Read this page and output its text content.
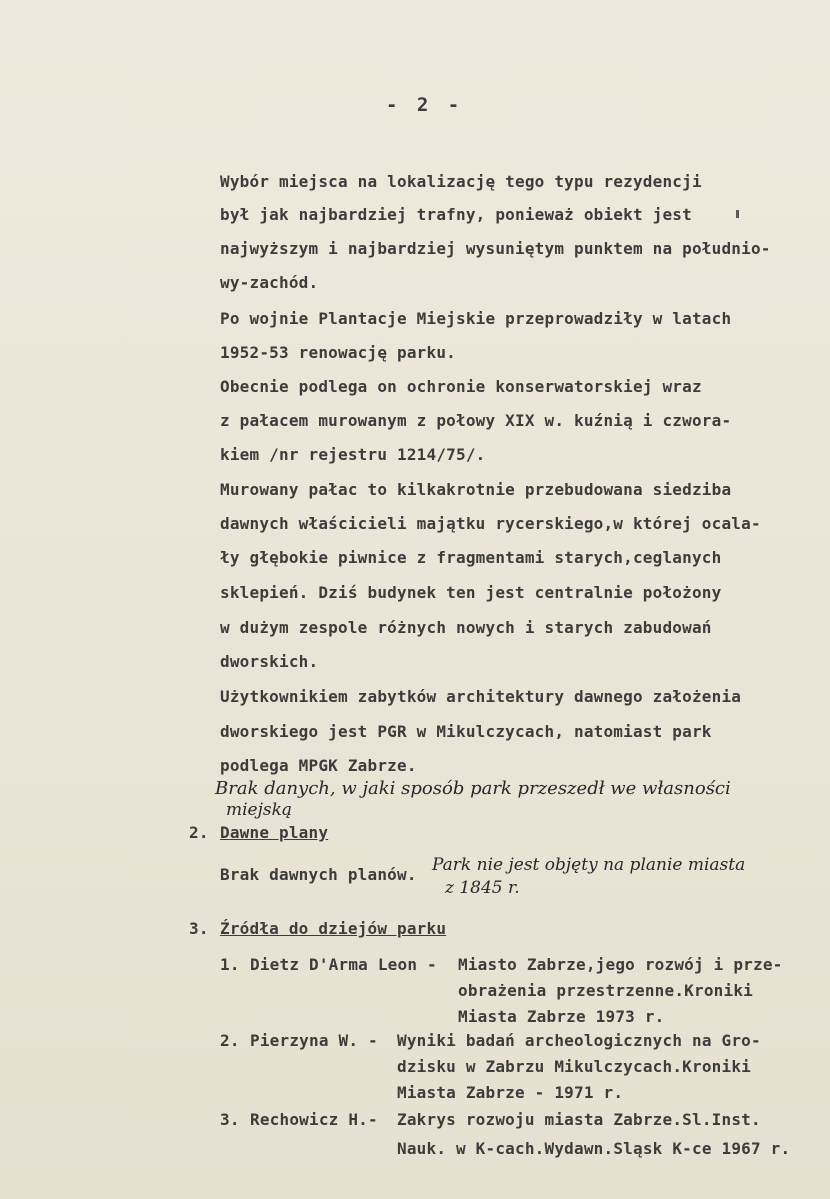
- 2 -
Wybór miejsca na lokalizację tego typu rezydencji
był jak najbardziej trafny, ponieważ obiekt jest
najwyższym i najbardziej wysuniętym punktem na południo-
wy-zachód.
Po wojnie Plantacje Miejskie przeprowadziły w latach
1952-53 renowację parku.
Obecnie podlega on ochronie konserwatorskiej wraz
z pałacem murowanym z połowy XIX w. kuźnią i czwora-
kiem /nr rejestru 1214/75/.
Murowany pałac to kilkakrotnie przebudowana siedziba
dawnych właścicieli majątku rycerskiego,w której ocala-
ły głębokie piwnice z fragmentami starych,ceglanych
sklepień. Dziś budynek ten jest centralnie położony
w dużym zespole różnych nowych i starych zabudowań
dworskich.
Użytkownikiem zabytków architektury dawnego założenia
dworskiego jest PGR w Mikulczycach, natomiast park
podlega MPGK Zabrze.
Brak danych, w jaki sposób park przeszedł we własności
miejską
2. Dawne plany
Brak dawnych planów. Park nie jest objęty na planie miasta
z 1845 r.
3. Źródła do dziejów parku
1. Dietz D'Arma Leon - Miasto Zabrze,jego rozwój i prze-
obrażenia przestrzenne.Kroniki
Miasta Zabrze 1973 r.
2. Pierzyna W. - Wyniki badań archeologicznych na Gro-
dzisku w Zabrzu Mikulczycach.Kroniki
Miasta Zabrze - 1971 r.
3. Rechowicz H.- Zakrys rozwoju miasta Zabrze.Sl.Inst.
Nauk. w K-cach.Wydawn.Sląsk K-ce 1967 r.
